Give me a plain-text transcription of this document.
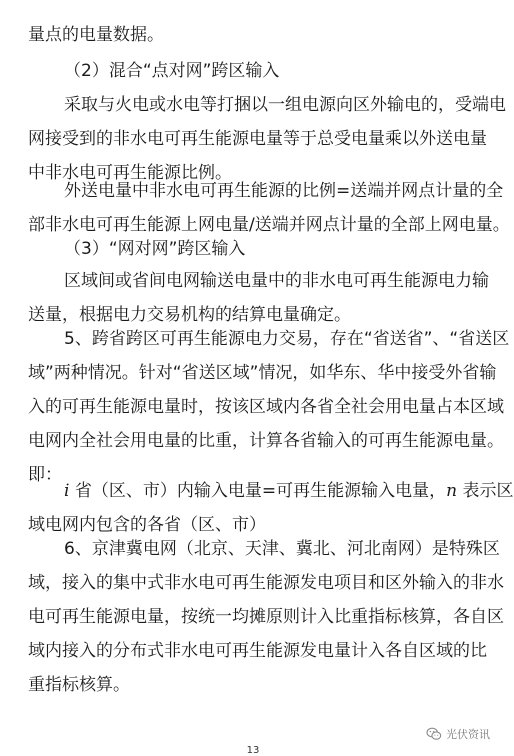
量点的电量数据。

（2）混合“点对网”跨区输入

采取与火电或水电等打捆以一组电源向区外输电的，受端电
网接受到的非水电可再生能源电量等于总受电量乘以外送电量
中非水电可再生能源比例。

外送电量中非水电可再生能源的比例=送端并网点计量的全
部非水电可再生能源上网电量/送端并网点计量的全部上网电量。

（3）“网对网”跨区输入

区域间或省间电网输送电量中的非水电可再生能源电力输
送量，根据电力交易机构的结算电量确定。

5、跨省跨区可再生能源电力交易，存在“省送省”、“省送区
域”两种情况。针对“省送区域”情况，如华东、华中接受外省输
入的可再生能源电量时，按该区域内各省全社会用电量占本区域
电网内全社会用电量的比重，计算各省输入的可再生能源电量。
即：

i 省（区、市）内输入电量=可再生能源输入电量，n 表示区
域电网内包含的各省（区、市）

6、京津冀电网（北京、天津、冀北、河北南网）是特殊区
域，接入的集中式非水电可再生能源发电项目和区外输入的非水
电可再生能源电量，按统一均摊原则计入比重指标核算，各自区
域内接入的分布式非水电可再生能源发电量计入各自区域的比
重指标核算。

光伏资讯
13
